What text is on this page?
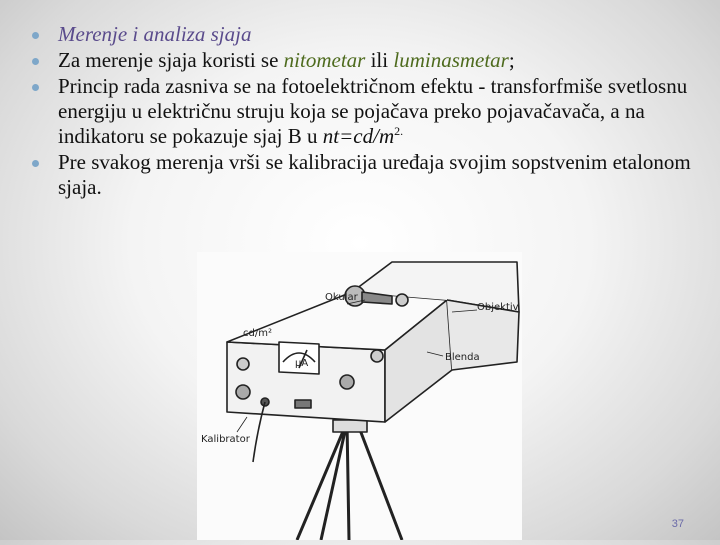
Merenje i analiza sjaja
Za merenje sjaja koristi se nitometar ili luminasmetar;
Princip rada zasniva se na fotoelektričnom efektu - transforfmiše svetlosnu energiju u električnu struju koja se pojačava preko pojavačavača, a na indikatoru se pokazuje sjaj B u $nt=cd/m^{2.}$
Pre svakog merenja vrši se kalibracija uređaja svojim sopstvenim etalonom sjaja.
Okular
Objektiv
Blenda
Kalibrator
cd/m²
μA
37
